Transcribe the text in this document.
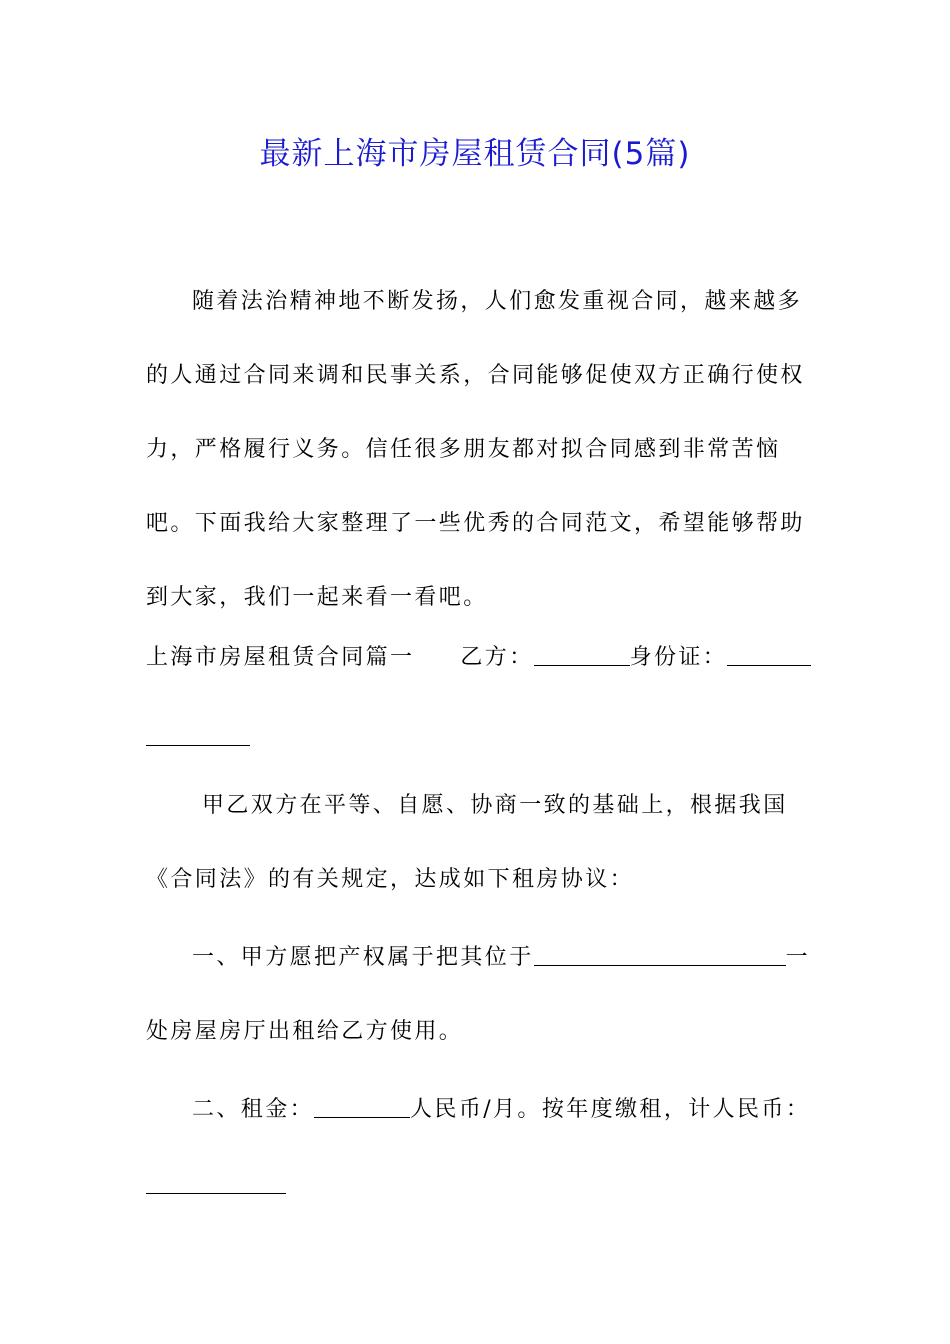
最新上海市房屋租赁合同(5篇)

随着法治精神地不断发扬，人们愈发重视合同，越来越多的人通过合同来调和民事关系，合同能够促使双方正确行使权力，严格履行义务。信任很多朋友都对拟合同感到非常苦恼吧。下面我给大家整理了一些优秀的合同范文，希望能够帮助到大家，我们一起来看一看吧。

上海市房屋租赁合同篇一 乙方：	身份证：
甲乙双方在平等、自愿、协商一致的基础上，根据我国
《合同法》的有关规定，达成如下租房协议：
一、甲方愿把产权属于把其位于	一
处房屋房厅出租给乙方使用。
二、租金：	人民币/月。按年度缴租，计人民币：
